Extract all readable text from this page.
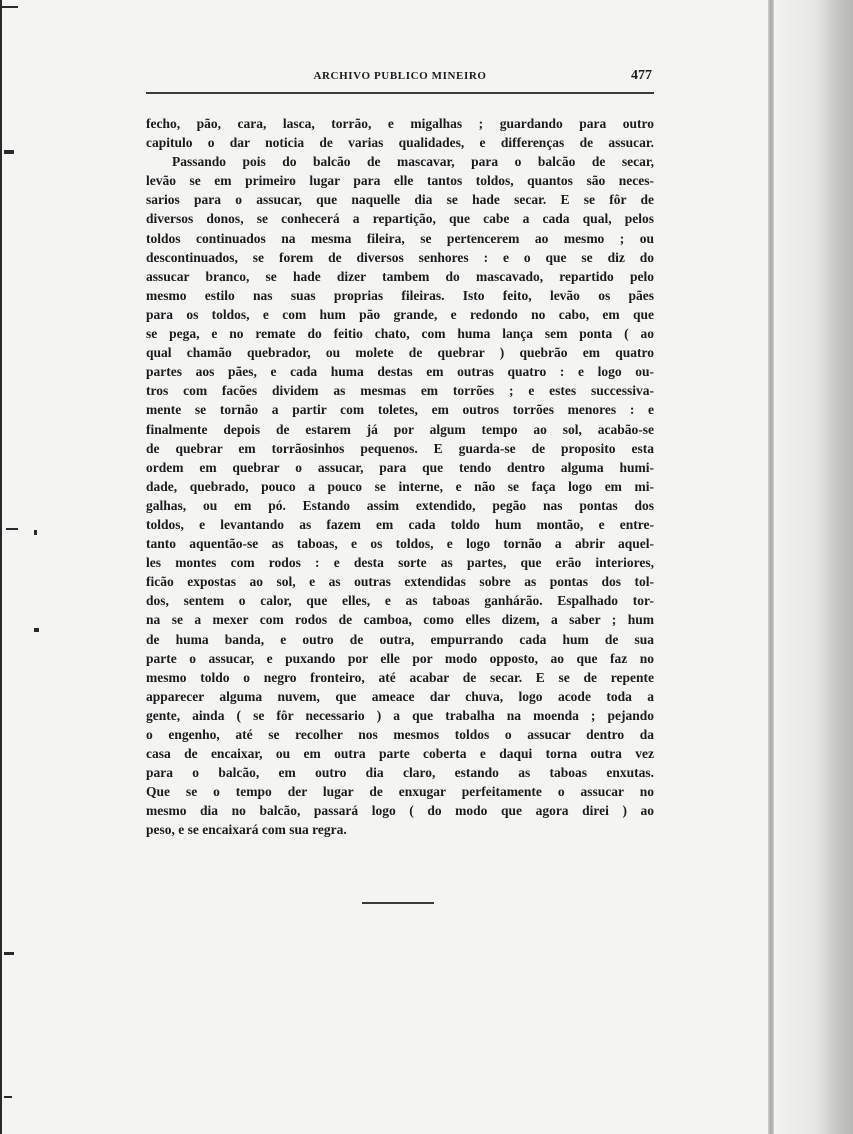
ARCHIVO PUBLICO MINEIRO	477
fecho, pão, cara, lasca, torrão, e migalhas ; guardando para outro
capitulo o dar noticia de varias qualidades, e differenças de assucar.
Passando pois do balcão de mascavar, para o balcão de secar,
levão se em primeiro lugar para elle tantos toldos, quantos são neces-
sarios para o assucar, que naquelle dia se hade secar. E se fôr de
diversos donos, se conhecerá a repartição, que cabe a cada qual, pelos
toldos continuados na mesma fileira, se pertencerem ao mesmo ; ou
descontinuados, se forem de diversos senhores : e o que se diz do
assucar branco, se hade dizer tambem do mascavado, repartido pelo
mesmo estilo nas suas proprias fileiras. Isto feito, levão os pães
para os toldos, e com hum pão grande, e redondo no cabo, em que
se pega, e no remate do feitio chato, com huma lança sem ponta ( ao
qual chamão quebrador, ou molete de quebrar ) quebrão em quatro
partes aos pães, e cada huma destas em outras quatro : e logo ou-
tros com facões dividem as mesmas em torrões ; e estes successiva-
mente se tornão a partir com toletes, em outros torrões menores : e
finalmente depois de estarem já por algum tempo ao sol, acabão-se
de quebrar em torrãosinhos pequenos. E guarda-se de proposito esta
ordem em quebrar o assucar, para que tendo dentro alguma humi-
dade, quebrado, pouco a pouco se interne, e não se faça logo em mi-
galhas, ou em pó. Estando assim extendido, pegão nas pontas dos
toldos, e levantando as fazem em cada toldo hum montão, e entre-
tanto aquentão-se as taboas, e os toldos, e logo tornão a abrir aquel-
les montes com rodos : e desta sorte as partes, que erão interiores,
ficão expostas ao sol, e as outras extendidas sobre as pontas dos tol-
dos, sentem o calor, que elles, e as taboas ganhárão. Espalhado tor-
na se a mexer com rodos de camboa, como elles dizem, a saber ; hum
de huma banda, e outro de outra, empurrando cada hum de sua
parte o assucar, e puxando por elle por modo opposto, ao que faz no
mesmo toldo o negro fronteiro, até acabar de secar. E se de repente
apparecer alguma nuvem, que ameace dar chuva, logo acode toda a
gente, ainda ( se fôr necessario ) a que trabalha na moenda ; pejando
o engenho, até se recolher nos mesmos toldos o assucar dentro da
casa de encaixar, ou em outra parte coberta e daqui torna outra vez
para o balcão, em outro dia claro, estando as taboas enxutas.
Que se o tempo der lugar de enxugar perfeitamente o assucar no
mesmo dia no balcão, passará logo ( do modo que agora direi ) ao
peso, e se encaixará com sua regra.
